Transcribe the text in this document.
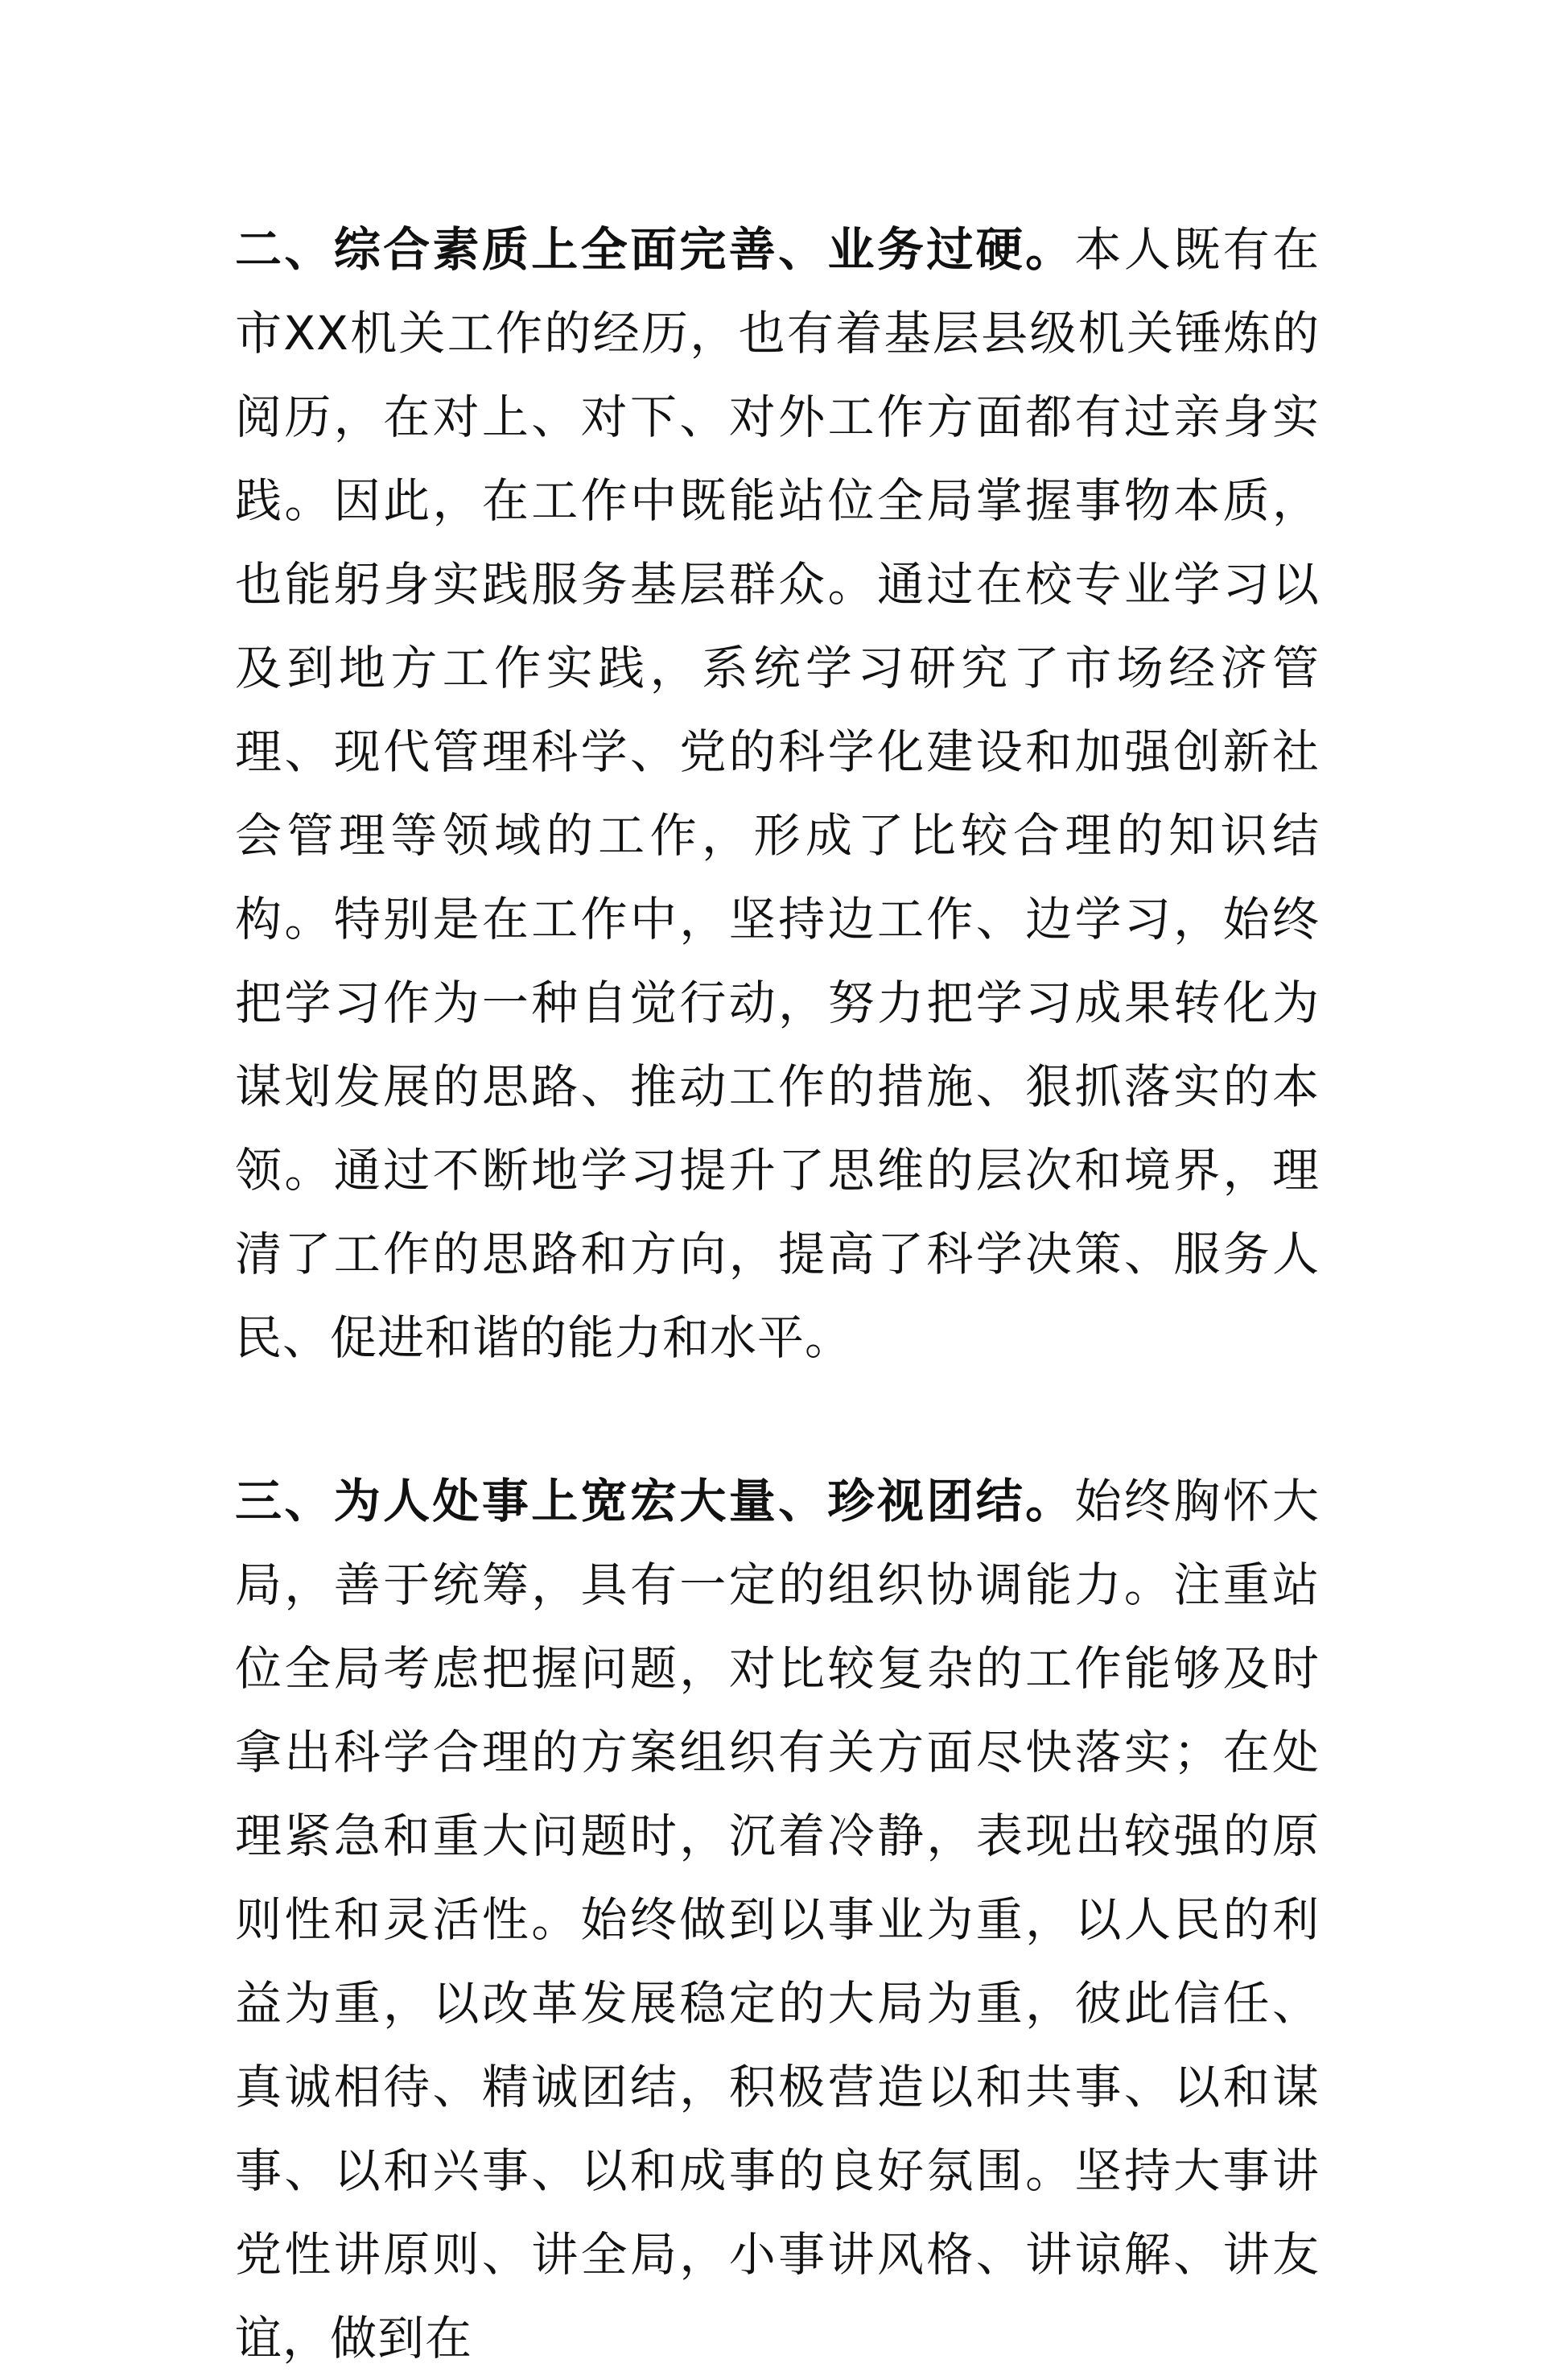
二、综合素质上全面完善、业务过硬。本人既有在市XX机关工作的经历，也有着基层县级机关锤炼的阅历，在对上、对下、对外工作方面都有过亲身实践。因此，在工作中既能站位全局掌握事物本质，也能躬身实践服务基层群众。通过在校专业学习以及到地方工作实践，系统学习研究了市场经济管理、现代管理科学、党的科学化建设和加强创新社会管理等领域的工作，形成了比较合理的知识结构。特别是在工作中，坚持边工作、边学习，始终把学习作为一种自觉行动，努力把学习成果转化为谋划发展的思路、推动工作的措施、狠抓落实的本领。通过不断地学习提升了思维的层次和境界，理清了工作的思路和方向，提高了科学决策、服务人民、促进和谐的能力和水平。

三、为人处事上宽宏大量、珍视团结。始终胸怀大局，善于统筹，具有一定的组织协调能力。注重站位全局考虑把握问题，对比较复杂的工作能够及时拿出科学合理的方案组织有关方面尽快落实；在处理紧急和重大问题时，沉着冷静，表现出较强的原则性和灵活性。始终做到以事业为重，以人民的利益为重，以改革发展稳定的大局为重，彼此信任、真诚相待、精诚团结，积极营造以和共事、以和谋事、以和兴事、以和成事的良好氛围。坚持大事讲党性讲原则、讲全局，小事讲风格、讲谅解、讲友谊，做到在
